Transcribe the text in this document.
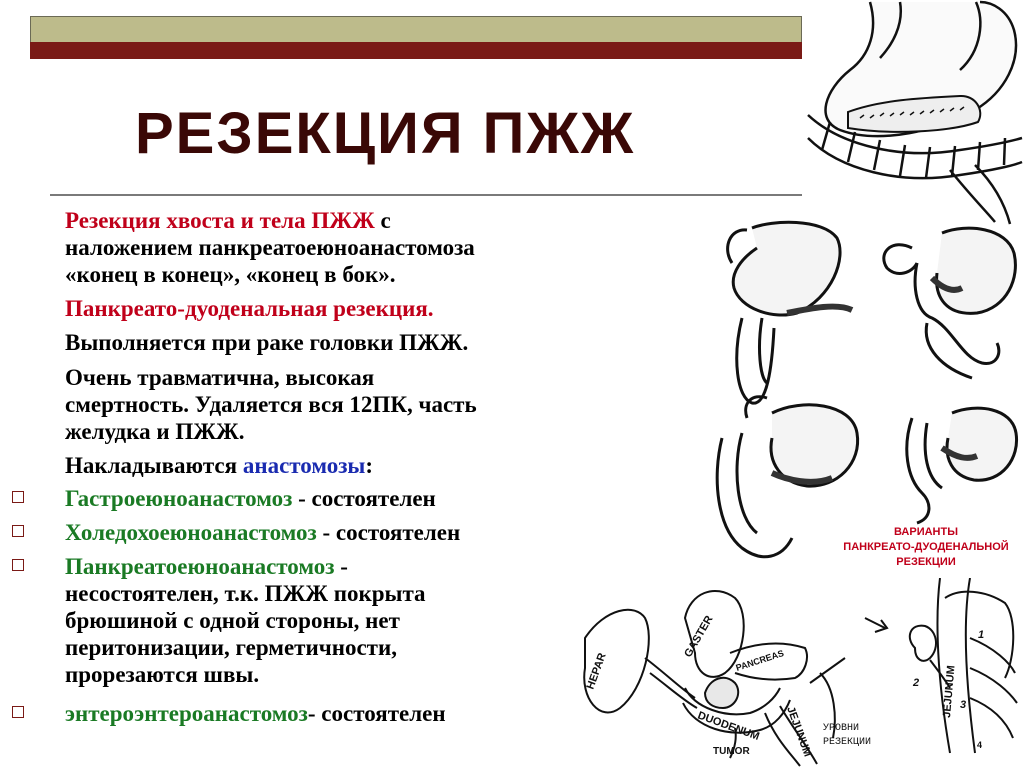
РЕЗЕКЦИЯ ПЖЖ
Резекция хвоста и тела ПЖЖ с
наложением панкреатоеюноанастомоза
«конец в конец», «конец в бок».
Панкреато-дуоденальная резекция.
Выполняется при раке головки ПЖЖ.
Очень травматична, высокая
смертность. Удаляется вся 12ПК, часть
желудка и ПЖЖ.
Накладываются анастомозы:
Гастроеюноанастомоз - состоятелен
Холедохоеюноанастомоз - состоятелен
Панкреатоеюноанастомоз -
несостоятелен, т.к. ПЖЖ покрыта
брюшиной с одной стороны, нет
перитонизации, герметичности,
прорезаются швы.
энтероэнтероанастомоз- состоятелен
ВАРИАНТЫ
ПАНКРЕАТО-ДУОДЕНАЛЬНОЙ
РЕЗЕКЦИИ
HEPAR
GASTER
PANCREAS
DUODENUM
TUMOR	JEJUNUM
JEJUNUM
УРОВНИ
РЕЗЕКЦИИ
1
2
3
4
